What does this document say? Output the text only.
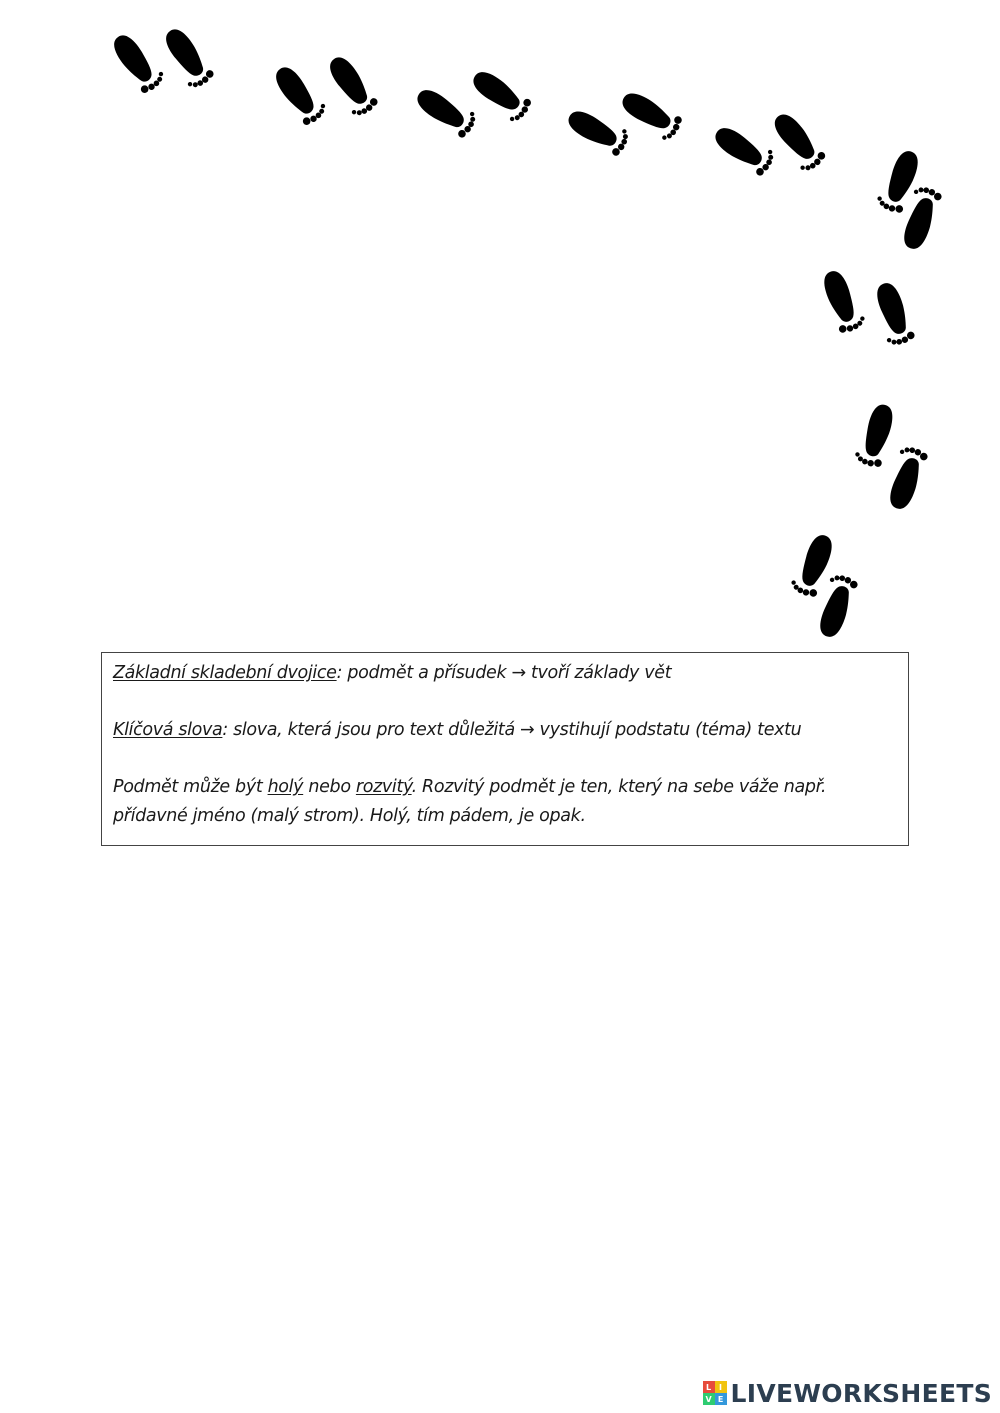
Základní skladební dvojice: podmět a přísudek → tvoří základy vět

Klíčová slova: slova, která jsou pro text důležitá → vystihují podstatu (téma) textu

Podmět může být holý nebo rozvitý. Rozvitý podmět je ten, který na sebe váže např. přídavné jméno (malý strom). Holý, tím pádem, je opak.

L I
V E LIVEWORKSHEETS
